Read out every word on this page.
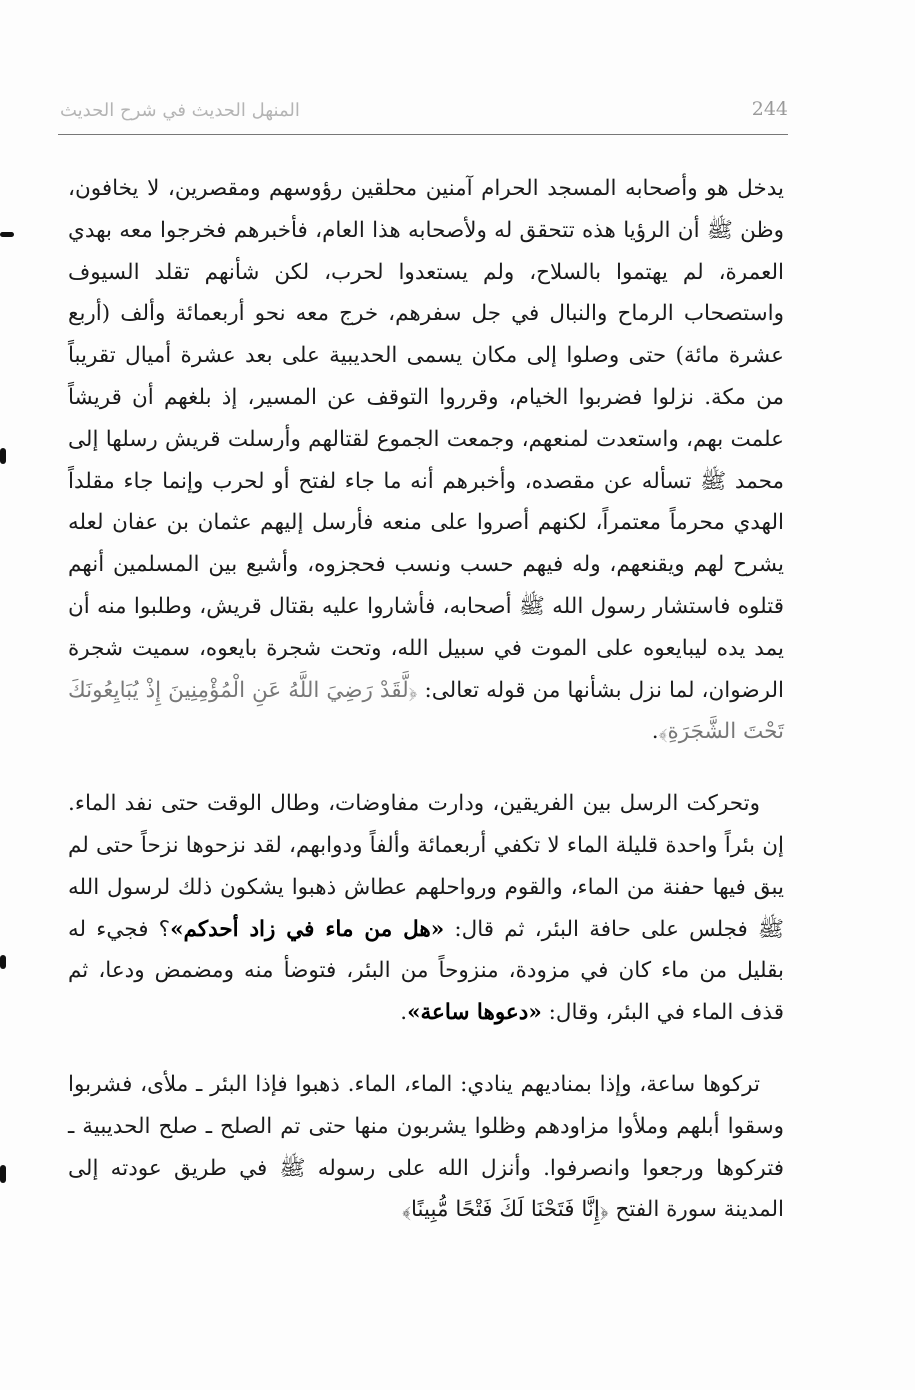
244
المنهل الحديث في شرح الحديث

يدخل هو وأصحابه المسجد الحرام آمنين محلقين رؤوسهم ومقصرين، لا يخافون، وظن ﷺ أن الرؤيا هذه تتحقق له ولأصحابه هذا العام، فأخبرهم فخرجوا معه بهدي العمرة، لم يهتموا بالسلاح، ولم يستعدوا لحرب، لكن شأنهم تقلد السيوف واستصحاب الرماح والنبال في جل سفرهم، خرج معه نحو أربعمائة وألف (أربع عشرة مائة) حتى وصلوا إلى مكان يسمى الحديبية على بعد عشرة أميال تقريباً من مكة. نزلوا فضربوا الخيام، وقرروا التوقف عن المسير، إذ بلغهم أن قريشاً علمت بهم، واستعدت لمنعهم، وجمعت الجموع لقتالهم وأرسلت قريش رسلها إلى محمد ﷺ تسأله عن مقصده، وأخبرهم أنه ما جاء لفتح أو لحرب وإنما جاء مقلداً الهدي محرماً معتمراً، لكنهم أصروا على منعه فأرسل إليهم عثمان بن عفان لعله يشرح لهم ويقنعهم، وله فيهم حسب ونسب فحجزوه، وأشيع بين المسلمين أنهم قتلوه فاستشار رسول الله ﷺ أصحابه، فأشاروا عليه بقتال قريش، وطلبوا منه أن يمد يده ليبايعوه على الموت في سبيل الله، وتحت شجرة بايعوه، سميت شجرة الرضوان، لما نزل بشأنها من قوله تعالى: ﴿لَّقَدْ رَضِيَ اللَّهُ عَنِ الْمُؤْمِنِينَ إِذْ يُبَايِعُونَكَ تَحْتَ الشَّجَرَةِ﴾.

وتحركت الرسل بين الفريقين، ودارت مفاوضات، وطال الوقت حتى نفد الماء. إن بئراً واحدة قليلة الماء لا تكفي أربعمائة وألفاً ودوابهم، لقد نزحوها نزحاً حتى لم يبق فيها حفنة من الماء، والقوم ورواحلهم عطاش ذهبوا يشكون ذلك لرسول الله ﷺ فجلس على حافة البئر، ثم قال: «هل من ماء في زاد أحدكم»؟ فجيء له بقليل من ماء كان في مزودة، منزوحاً من البئر، فتوضأ منه ومضمض ودعا، ثم قذف الماء في البئر، وقال: «دعوها ساعة».

تركوها ساعة، وإذا بمناديهم ينادي: الماء، الماء. ذهبوا فإذا البئر ـ ملأى، فشربوا وسقوا أبلهم وملأوا مزاودهم وظلوا يشربون منها حتى تم الصلح ـ صلح الحديبية ـ فتركوها ورجعوا وانصرفوا. وأنزل الله على رسوله ﷺ في طريق عودته إلى المدينة سورة الفتح ﴿إِنَّا فَتَحْنَا لَكَ فَتْحًا مُّبِينًا﴾
